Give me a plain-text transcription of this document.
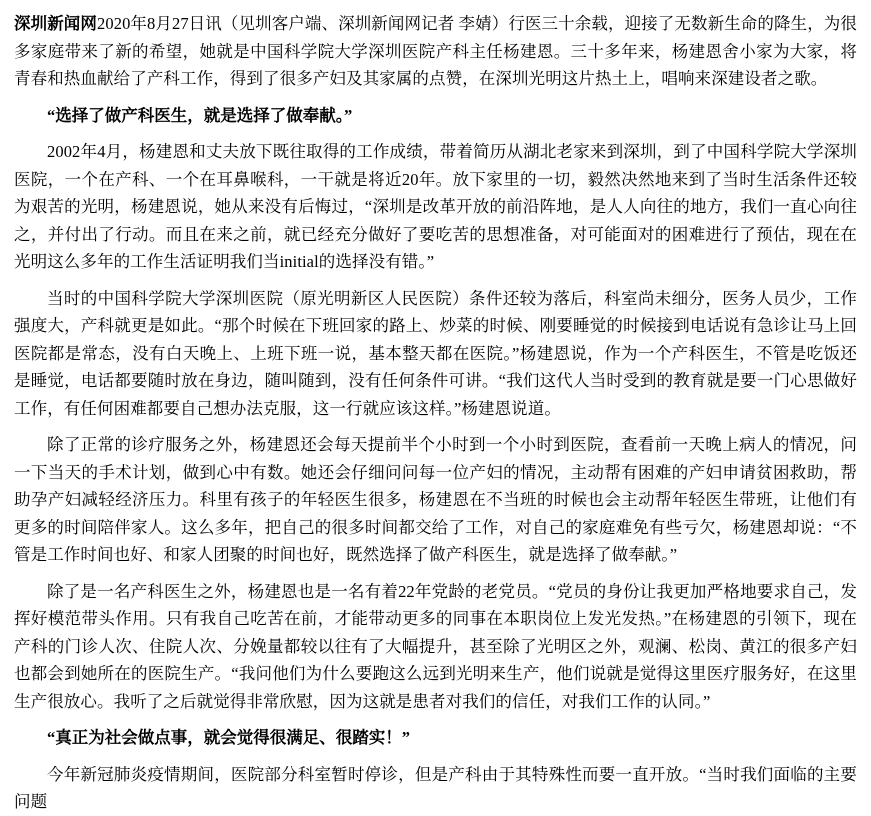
深圳新闻网2020年8月27日讯（见圳客户端、深圳新闻网记者 李婧）行医三十余载，迎接了无数新生命的降生，为很多家庭带来了新的希望，她就是中国科学院大学深圳医院产科主任杨建恩。三十多年来，杨建恩舍小家为大家，将青春和热血献给了产科工作，得到了很多产妇及其家属的点赞，在深圳光明这片热土上，唱响来深建设者之歌。

“选择了做产科医生，就是选择了做奉献。”

2002年4月，杨建恩和丈夫放下既往取得的工作成绩，带着简历从湖北老家来到深圳，到了中国科学院大学深圳医院，一个在产科、一个在耳鼻喉科，一干就是将近20年。放下家里的一切，毅然决然地来到了当时生活条件还较为艰苦的光明，杨建恩说，她从来没有后悔过，“深圳是改革开放的前沿阵地，是人人向往的地方，我们一直心向往之，并付出了行动。而且在来之前，就已经充分做好了要吃苦的思想准备，对可能面对的困难进行了预估，现在在光明这么多年的工作生活证明我们当initial的选择没有错。”

当时的中国科学院大学深圳医院（原光明新区人民医院）条件还较为落后，科室尚未细分，医务人员少，工作强度大，产科就更是如此。“那个时候在下班回家的路上、炒菜的时候、刚要睡觉的时候接到电话说有急诊让马上回医院都是常态，没有白天晚上、上班下班一说，基本整天都在医院。”杨建恩说，作为一个产科医生，不管是吃饭还是睡觉，电话都要随时放在身边，随叫随到，没有任何条件可讲。“我们这代人当时受到的教育就是要一门心思做好工作，有任何困难都要自己想办法克服，这一行就应该这样。”杨建恩说道。

除了正常的诊疗服务之外，杨建恩还会每天提前半个小时到一个小时到医院，查看前一天晚上病人的情况，问一下当天的手术计划，做到心中有数。她还会仔细问问每一位产妇的情况，主动帮有困难的产妇申请贫困救助，帮助孕产妇减轻经济压力。科里有孩子的年轻医生很多，杨建恩在不当班的时候也会主动帮年轻医生带班，让他们有更多的时间陪伴家人。这么多年，把自己的很多时间都交给了工作，对自己的家庭难免有些亏欠，杨建恩却说：“不管是工作时间也好、和家人团聚的时间也好，既然选择了做产科医生，就是选择了做奉献。”

除了是一名产科医生之外，杨建恩也是一名有着22年党龄的老党员。“党员的身份让我更加严格地要求自己，发挥好模范带头作用。只有我自己吃苦在前，才能带动更多的同事在本职岗位上发光发热。”在杨建恩的引领下，现在产科的门诊人次、住院人次、分娩量都较以往有了大幅提升，甚至除了光明区之外，观澜、松岗、黄江的很多产妇也都会到她所在的医院生产。“我问他们为什么要跑这么远到光明来生产，他们说就是觉得这里医疗服务好，在这里生产很放心。我听了之后就觉得非常欣慰，因为这就是患者对我们的信任，对我们工作的认同。”

“真正为社会做点事，就会觉得很满足、很踏实！”

今年新冠肺炎疫情期间，医院部分科室暂时停诊，但是产科由于其特殊性而要一直开放。“当时我们面临的主要问题
